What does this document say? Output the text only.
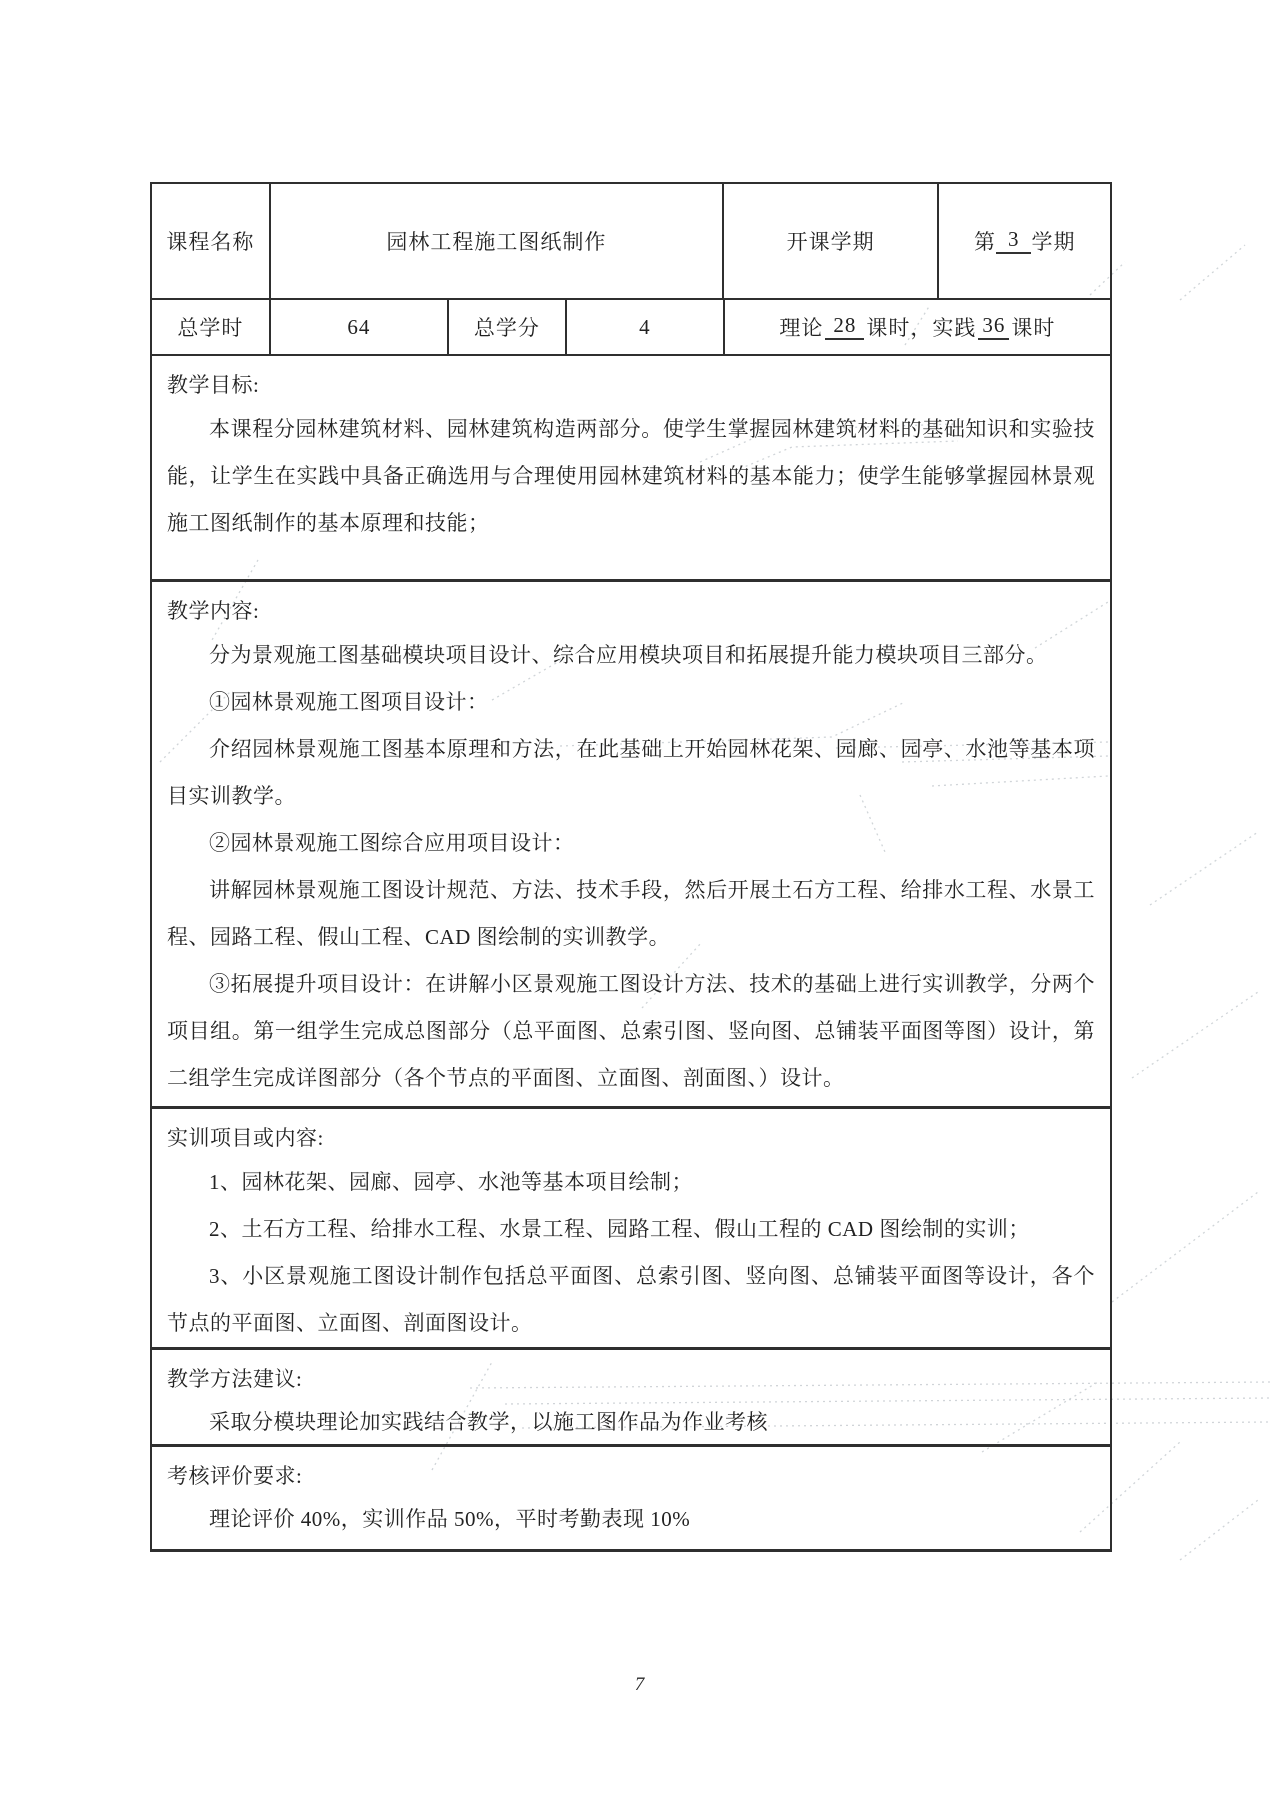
课程名称	园林工程施工图纸制作	开课学期	第 3 学期
总学时	64	总学分	4	理论 28 课时，实践 36 课时
教学目标:

本课程分园林建筑材料、园林建筑构造两部分。使学生掌握园林建筑材料的基础知识和实验技能，让学生在实践中具备正确选用与合理使用园林建筑材料的基本能力；使学生能够掌握园林景观施工图纸制作的基本原理和技能；

教学内容:

分为景观施工图基础模块项目设计、综合应用模块项目和拓展提升能力模块项目三部分。

①园林景观施工图项目设计：

介绍园林景观施工图基本原理和方法，在此基础上开始园林花架、园廊、园亭、水池等基本项目实训教学。

②园林景观施工图综合应用项目设计：

讲解园林景观施工图设计规范、方法、技术手段，然后开展土石方工程、给排水工程、水景工程、园路工程、假山工程、CAD 图绘制的实训教学。

③拓展提升项目设计：在讲解小区景观施工图设计方法、技术的基础上进行实训教学，分两个项目组。第一组学生完成总图部分（总平面图、总索引图、竖向图、总铺装平面图等图）设计，第二组学生完成详图部分（各个节点的平面图、立面图、剖面图、）设计。

实训项目或内容:

1、园林花架、园廊、园亭、水池等基本项目绘制；

2、土石方工程、给排水工程、水景工程、园路工程、假山工程的 CAD 图绘制的实训；

3、小区景观施工图设计制作包括总平面图、总索引图、竖向图、总铺装平面图等设计，各个节点的平面图、立面图、剖面图设计。

教学方法建议:

采取分模块理论加实践结合教学，以施工图作品为作业考核

考核评价要求:

理论评价 40%，实训作品 50%，平时考勤表现 10%

7
